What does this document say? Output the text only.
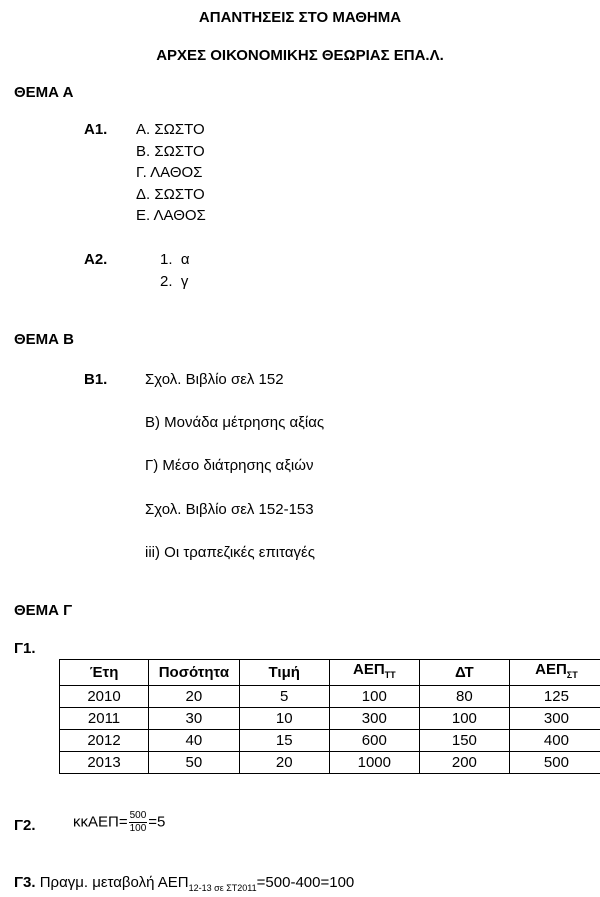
ΑΠΑΝΤΗΣΕΙΣ ΣΤΟ ΜΑΘΗΜΑ
ΑΡΧΕΣ ΟΙΚΟΝΟΜΙΚΗΣ ΘΕΩΡΙΑΣ ΕΠΑ.Λ.
ΘΕΜΑ Α
Α1. Α. ΣΩΣΤΟ
Β. ΣΩΣΤΟ
Γ. ΛΑΘΟΣ
Δ. ΣΩΣΤΟ
Ε. ΛΑΘΟΣ
Α2.	1.  α
2.  γ
ΘΕΜΑ Β
Β1.	Σχολ. Βιβλίο σελ 152
Β) Μονάδα μέτρησης αξίας
Γ) Μέσο διάτρησης αξιών
Σχολ. Βιβλίο σελ 152-153
iii) Οι τραπεζικές επιταγές
ΘΕΜΑ Γ
Γ1.
Έτη	Ποσότητα	Τιμή	$AE\Pi_{TT}$	ΔΤ	$AE\Pi_{\Sigma T}$
2010	20	5	100	80	125
2011	30	10	300	100	300
2012	40	15	600	150	400
2013	50	20	1000	200	500
Γ2. $\kappa\kappa AE\Pi= \frac{500}{100} =5$
Γ3. Πραγμ. μεταβολή $AE\Pi_{12-13 \sigma\varepsilon \Sigma T2011}=500-400=100$
